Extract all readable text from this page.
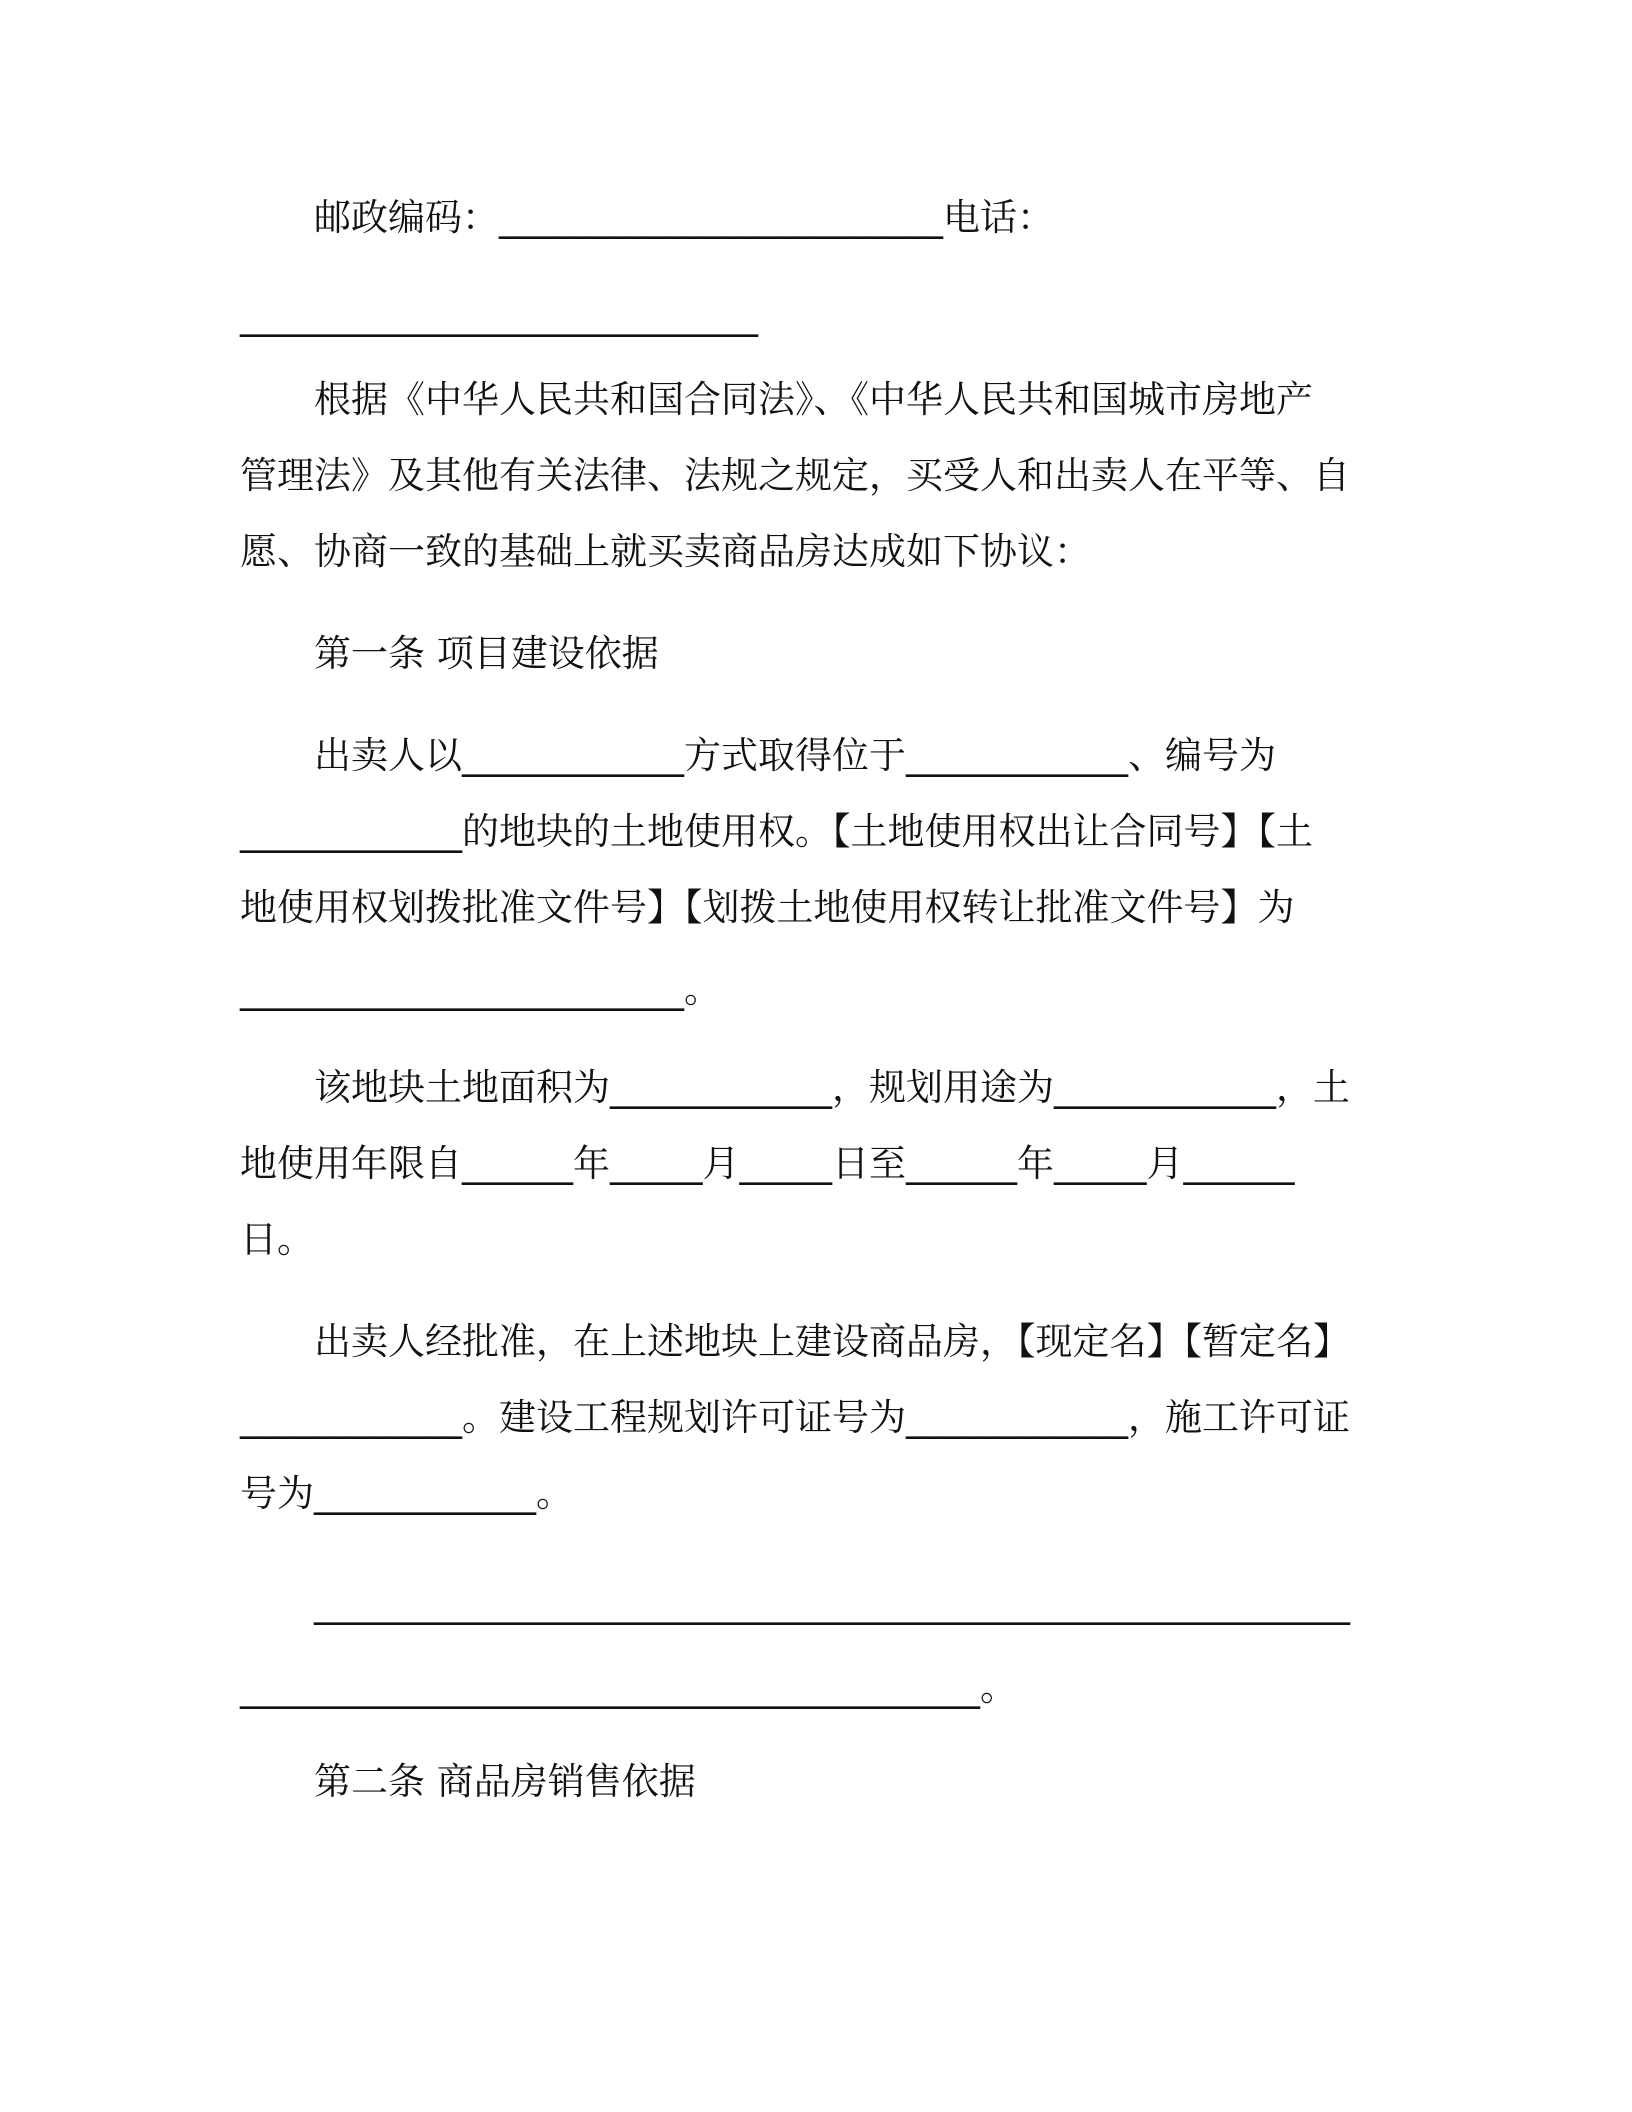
邮政编码：________________________电话：
____________________________
根据《中华人民共和国合同法》、《中华人民共和国城市房地产
管理法》及其他有关法律、法规之规定，买受人和出卖人在平等、自
愿、协商一致的基础上就买卖商品房达成如下协议：
第一条 项目建设依据
出卖人以____________方式取得位于____________、编号为
____________的地块的土地使用权。【土地使用权出让合同号】【土
地使用权划拨批准文件号】【划拨土地使用权转让批准文件号】为
________________________。
该地块土地面积为____________，规划用途为____________，土
地使用年限自______年_____月_____日至______年_____月______
日。
出卖人经批准，在上述地块上建设商品房，【现定名】【暂定名】
____________。建设工程规划许可证号为____________，施工许可证
号为____________。
________________________________________________________
________________________________________。
第二条 商品房销售依据
